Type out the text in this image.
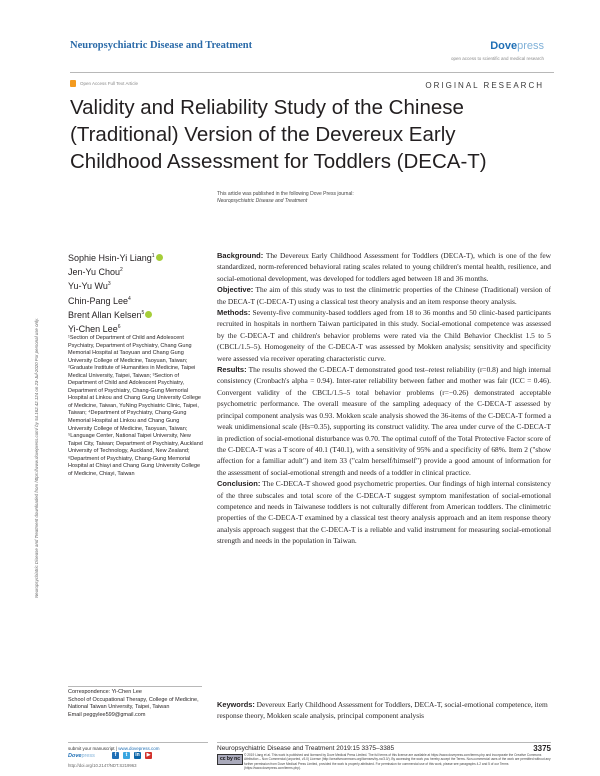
Neuropsychiatric Disease and Treatment	Dovepress
open access to scientific and medical research
Open Access Full Text Article	ORIGINAL RESEARCH
Validity and Reliability Study of the Chinese (Traditional) Version of the Devereux Early Childhood Assessment for Toddlers (DECA-T)
This article was published in the following Dove Press journal:
Neuropsychiatric Disease and Treatment
Neuropsychiatric Disease and Treatment downloaded from https://www.dovepress.com/ by 54.162.42.124 on 23-Jul-2020 For personal use only.
Sophie Hsin-Yi Liang$^1$
Jen-Yu Chou$^2$
Yu-Yu Wu$^3$
Chin-Pang Lee$^4$
Brent Allan Kelsen$^5$
Yi-Chen Lee$^6$
¹Section of Department of Child and Adolescent Psychiatry, Department of Psychiatry, Chang Gung Memorial Hospital at Taoyuan and Chang Gung University College of Medicine, Taoyuan, Taiwan; ²Graduate Institute of Humanities in Medicine, Taipei Medical University, Taipei, Taiwan; ³Section of Department of Child and Adolescent Psychiatry, Department of Psychiatry, Chang-Gung Memorial Hospital at Linkou and Chang Gung University College of Medicine, Taiwan, YuNing Psychiatric Clinic, Taipei, Taiwan; ⁴Department of Psychiatry, Chang-Gung Memorial Hospital at Linkou and Chang Gung University College of Medicine, Taoyuan, Taiwan; ⁵Language Center, National Taipei University, New Taipei City, Taiwan; Department of Psychiatry, Auckland University of Technology, Auckland, New Zealand; ⁶Department of Psychiatry, Chang-Gung Memorial Hospital at Chiayi and Chang Gung University College of Medicine, Chiayi, Taiwan
Correspondence: Yi-Chen Lee
School of Occupational Therapy, College of Medicine, National Taiwan University, Taipei, Taiwan
Email peggylee599@gmail.com

Background: The Devereux Early Childhood Assessment for Toddlers (DECA-T), which is one of the few standardized, norm-referenced behavioral rating scales related to young children's mental health, resilience, and social-emotional development, was developed for toddlers aged between 18 and 36 months.

Objective: The aim of this study was to test the clinimetric properties of the Chinese (Traditional) version of the DECA-T (C-DECA-T) using a classical test theory analysis and an item response theory analysis.

Methods: Seventy-five community-based toddlers aged from 18 to 36 months and 50 clinic-based participants recruited in hospitals in northern Taiwan participated in this study. Social-emotional competence was assessed by the C-DECA-T and children's behavior problems were rated via the Child Behavior Checklist 1.5 to 5 (CBCL/1.5–5). Homogeneity of the C-DECA-T was assessed by Mokken analysis; sensitivity and specificity were assessed via receiver operating characteristic curve.

Results: The results showed the C-DECA-T demonstrated good test–retest reliability (r=0.8) and high internal consistency (Cronbach's alpha = 0.94). Inter-rater reliability between father and mother was fair (ICC = 0.46). Convergent validity of the CBCL/1.5–5 total behavior problems (r=−0.26) demonstrated acceptable psychometric performance. The overall measure of the sampling adequacy of the C-DECA-T assessed by principal component analysis was 0.93. Mokken scale analysis showed the 36-items of the C-DECA-T formed a weak unidimensional scale (Hs=0.35), supporting its construct validity. The area under curve of the C-DECA-T in prediction of social-emotional disturbance was 0.70. The optimal cutoff of the Total Protective Factor score of the C-DECA-T was a T score of 40.1 (T40.1), with a sensitivity of 95% and a specificity of 68%. Item 2 ("show affection for a familiar adult") and item 33 ("calm herself/himself") provide a good amount of information for the assessment of social-emotional strength and needs of a toddler in clinical practice.

Conclusion: The C-DECA-T showed good psychometric properties. Our findings of high internal consistency of the three subscales and total score of the C-DECA-T suggest symptom manifestation of social-emotional competence and needs in Taiwanese toddlers is not culturally different from American toddlers. The clinimetric properties of the C-DECA-T examined by a classical test theory analysis approach and an item response theory analysis approach suggest that the C-DECA-T is a reliable and valid instrument for measuring social-emotional strength and needs in the population in Taiwan.

Keywords: Devereux Early Childhood Assessment for Toddlers, DECA-T, social-emotional competence, item response theory, Mokken scale analysis, principal component analysis
submit your manuscript | www.dovepress.com
Dovepress	f	t	in	▶
http://doi.org/10.2147/NDT.S219963
Neuropsychiatric Disease and Treatment 2019:15 3375–3385	3375
cc by nc
© 2019 Liang et al. This work is published and licensed by Dove Medical Press Limited. The full terms of this license are available at https://www.dovepress.com/terms.php and incorporate the Creative Commons Attribution – Non Commercial (unported, v3.0) License (http://creativecommons.org/licenses/by-nc/3.0/). By accessing the work you hereby accept the Terms. Non-commercial uses of the work are permitted without any further permission from Dove Medical Press Limited, provided the work is properly attributed. For permission for commercial use of this work, please see paragraphs 4.2 and 5 of our Terms (https://www.dovepress.com/terms.php).
